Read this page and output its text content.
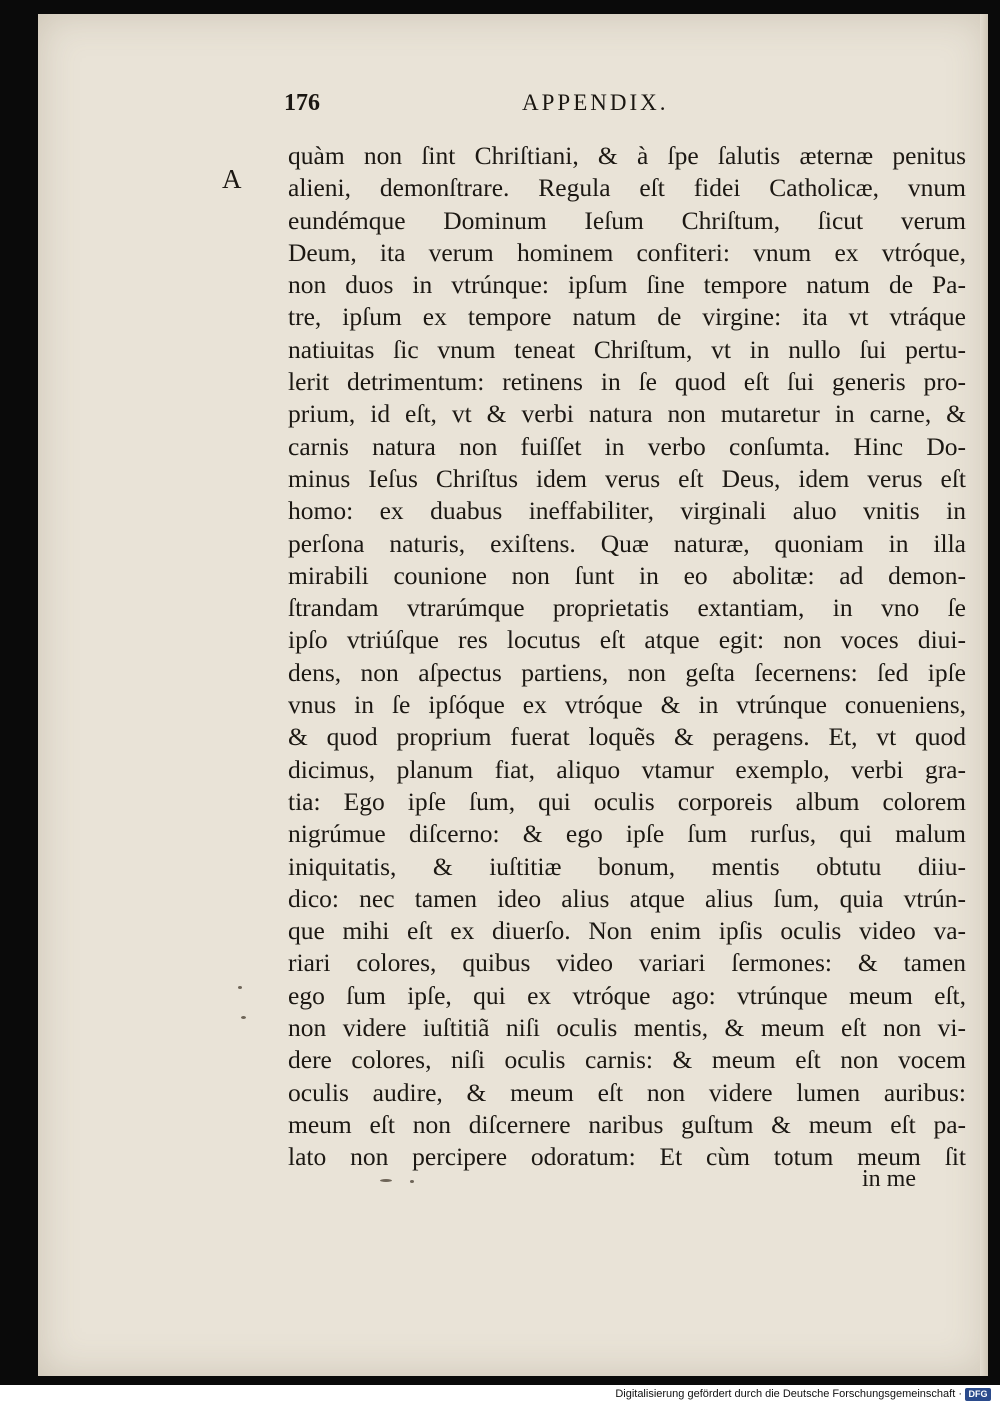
176	APPENDIX.
A
quàm non ſint Chriſtiani, & à ſpe ſalutis æternæ penitus
alieni, demonſtrare. Regula eſt fidei Catholicæ, vnum
eundémque Dominum Ieſum Chriſtum, ſicut verum
Deum, ita verum hominem confiteri: vnum ex vtróque,
non duos in vtrúnque: ipſum ſine tempore natum de Pa-
tre, ipſum ex tempore natum de virgine: ita vt vtráque
natiuitas ſic vnum teneat Chriſtum, vt in nullo ſui pertu-
lerit detrimentum: retinens in ſe quod eſt ſui generis pro-
prium, id eſt, vt & verbi natura non mutaretur in carne, &
carnis natura non fuiſſet in verbo conſumta. Hinc Do-
minus Ieſus Chriſtus idem verus eſt Deus, idem verus eſt
homo: ex duabus ineffabiliter, virginali aluo vnitis in
perſona naturis, exiſtens. Quæ naturæ, quoniam in illa
mirabili counione non ſunt in eo abolitæ: ad demon-
ſtrandam vtrarúmque proprietatis extantiam, in vno ſe
ipſo vtriúſque res locutus eſt atque egit: non voces diui-
dens, non aſpectus partiens, non geſta ſecernens: ſed ipſe
vnus in ſe ipſóque ex vtróque & in vtrúnque conueniens,
& quod proprium fuerat loquẽs & peragens. Et, vt quod
dicimus, planum fiat, aliquo vtamur exemplo, verbi gra-
tia: Ego ipſe ſum, qui oculis corporeis album colorem
nigrúmue diſcerno: & ego ipſe ſum rurſus, qui malum
iniquitatis, & iuſtitiæ bonum, mentis obtutu diiu-
dico: nec tamen ideo alius atque alius ſum, quia vtrún-
que mihi eſt ex diuerſo. Non enim ipſis oculis video va-
riari colores, quibus video variari ſermones: & tamen
ego ſum ipſe, qui ex vtróque ago: vtrúnque meum eſt,
non videre iuſtitiã niſi oculis mentis, & meum eſt non vi-
dere colores, niſi oculis carnis: & meum eſt non vocem
oculis audire, & meum eſt non videre lumen auribus:
meum eſt non diſcernere naribus guſtum & meum eſt pa-
lato non percipere odoratum: Et cùm totum meum ſit
in me
Digitalisierung gefördert durch die Deutsche Forschungsgemeinschaft · DFG
